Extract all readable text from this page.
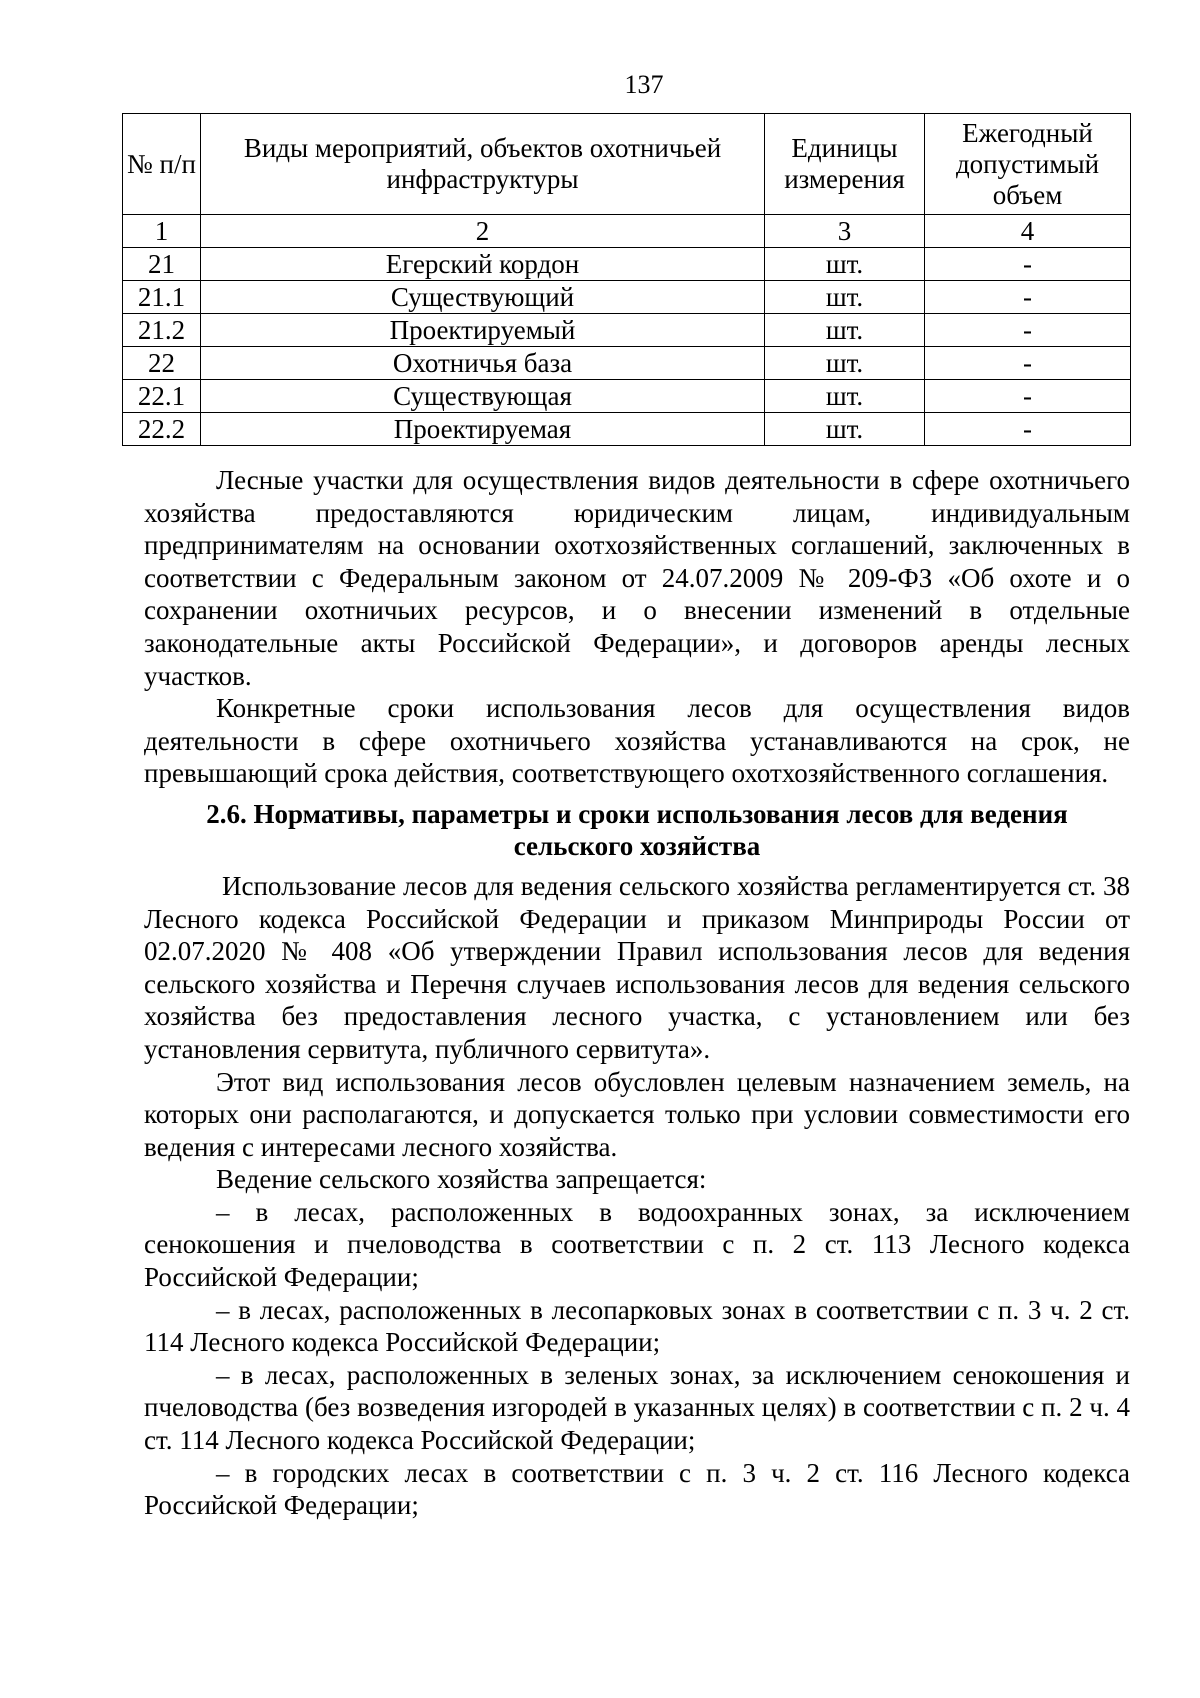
137
№ п/п	Виды мероприятий, объектов охотничьей инфраструктуры	Единицы измерения	Ежегодный допустимый объем
1	2	3	4
21	Егерский кордон	шт.	-
21.1	Существующий	шт.	-
21.2	Проектируемый	шт.	-
22	Охотничья база	шт.	-
22.1	Существующая	шт.	-
22.2	Проектируемая	шт.	-

Лесные участки для осуществления видов деятельности в сфере охотничьего хозяйства предоставляются юридическим лицам, индивидуальным предпринимателям на основании охотхозяйственных соглашений, заключенных в соответствии с Федеральным законом от 24.07.2009 № 209-ФЗ «Об охоте и о сохранении охотничьих ресурсов, и о внесении изменений в отдельные законодательные акты Российской Федерации», и договоров аренды лесных участков.

Конкретные сроки использования лесов для осуществления видов деятельности в сфере охотничьего хозяйства устанавливаются на срок, не превышающий срока действия, соответствующего охотхозяйственного соглашения.

2.6. Нормативы, параметры и сроки использования лесов для ведения сельского хозяйства

Использование лесов для ведения сельского хозяйства регламентируется ст. 38 Лесного кодекса Российской Федерации и приказом Минприроды России от 02.07.2020 № 408 «Об утверждении Правил использования лесов для ведения сельского хозяйства и Перечня случаев использования лесов для ведения сельского хозяйства без предоставления лесного участка, с установлением или без установления сервитута, публичного сервитута».

Этот вид использования лесов обусловлен целевым назначением земель, на которых они располагаются, и допускается только при условии совместимости его ведения с интересами лесного хозяйства.

Ведение сельского хозяйства запрещается:

– в лесах, расположенных в водоохранных зонах, за исключением сенокошения и пчеловодства в соответствии с п. 2 ст. 113 Лесного кодекса Российской Федерации;

– в лесах, расположенных в лесопарковых зонах в соответствии с п. 3 ч. 2 ст. 114 Лесного кодекса Российской Федерации;

– в лесах, расположенных в зеленых зонах, за исключением сенокошения и пчеловодства (без возведения изгородей в указанных целях) в соответствии с п. 2 ч. 4 ст. 114 Лесного кодекса Российской Федерации;

– в городских лесах в соответствии с п. 3 ч. 2 ст. 116 Лесного кодекса Российской Федерации;
